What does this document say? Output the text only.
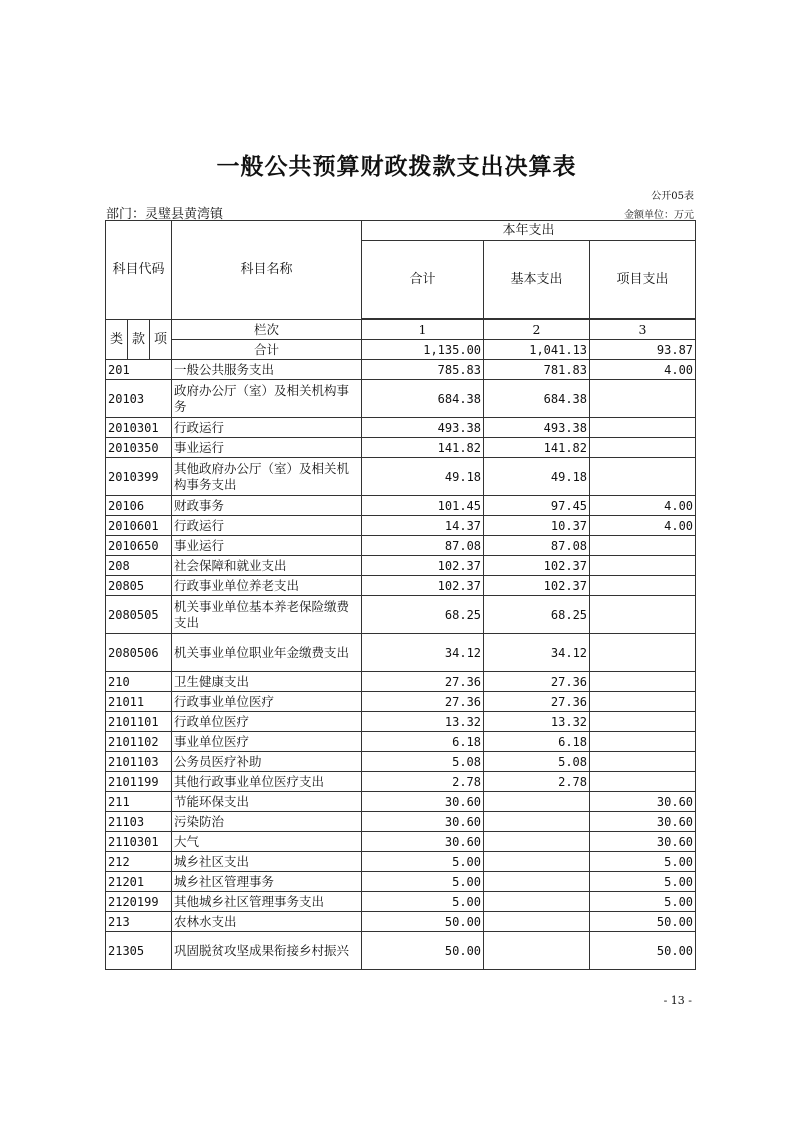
一般公共预算财政拨款支出决算表
公开05表
部门：灵璧县黄湾镇	金额单位：万元
科目代码			科目名称	本年支出		
				合计	基本支出	项目支出

类	款	项	栏次	1	2	3
			合计	1,135.00	1,041.13	93.87
201			一般公共服务支出	785.83	781.83	4.00
20103			政府办公厅（室）及相关机构事务	684.38	684.38	
2010301			行政运行	493.38	493.38	
2010350			事业运行	141.82	141.82	
2010399			其他政府办公厅（室）及相关机构事务支出	49.18	49.18	
20106			财政事务	101.45	97.45	4.00
2010601			行政运行	14.37	10.37	4.00
2010650			事业运行	87.08	87.08	
208			社会保障和就业支出	102.37	102.37	
20805			行政事业单位养老支出	102.37	102.37	
2080505			机关事业单位基本养老保险缴费支出	68.25	68.25	
2080506			机关事业单位职业年金缴费支出	34.12	34.12	
210			卫生健康支出	27.36	27.36	
21011			行政事业单位医疗	27.36	27.36	
2101101			行政单位医疗	13.32	13.32	
2101102			事业单位医疗	6.18	6.18	
2101103			公务员医疗补助	5.08	5.08	
2101199			其他行政事业单位医疗支出	2.78	2.78	
211			节能环保支出	30.60		30.60
21103			污染防治	30.60		30.60
2110301			大气	30.60		30.60
212			城乡社区支出	5.00		5.00
21201			城乡社区管理事务	5.00		5.00
2120199			其他城乡社区管理事务支出	5.00		5.00
213			农林水支出	50.00		50.00
21305			巩固脱贫攻坚成果衔接乡村振兴	50.00		50.00
- 13 -
